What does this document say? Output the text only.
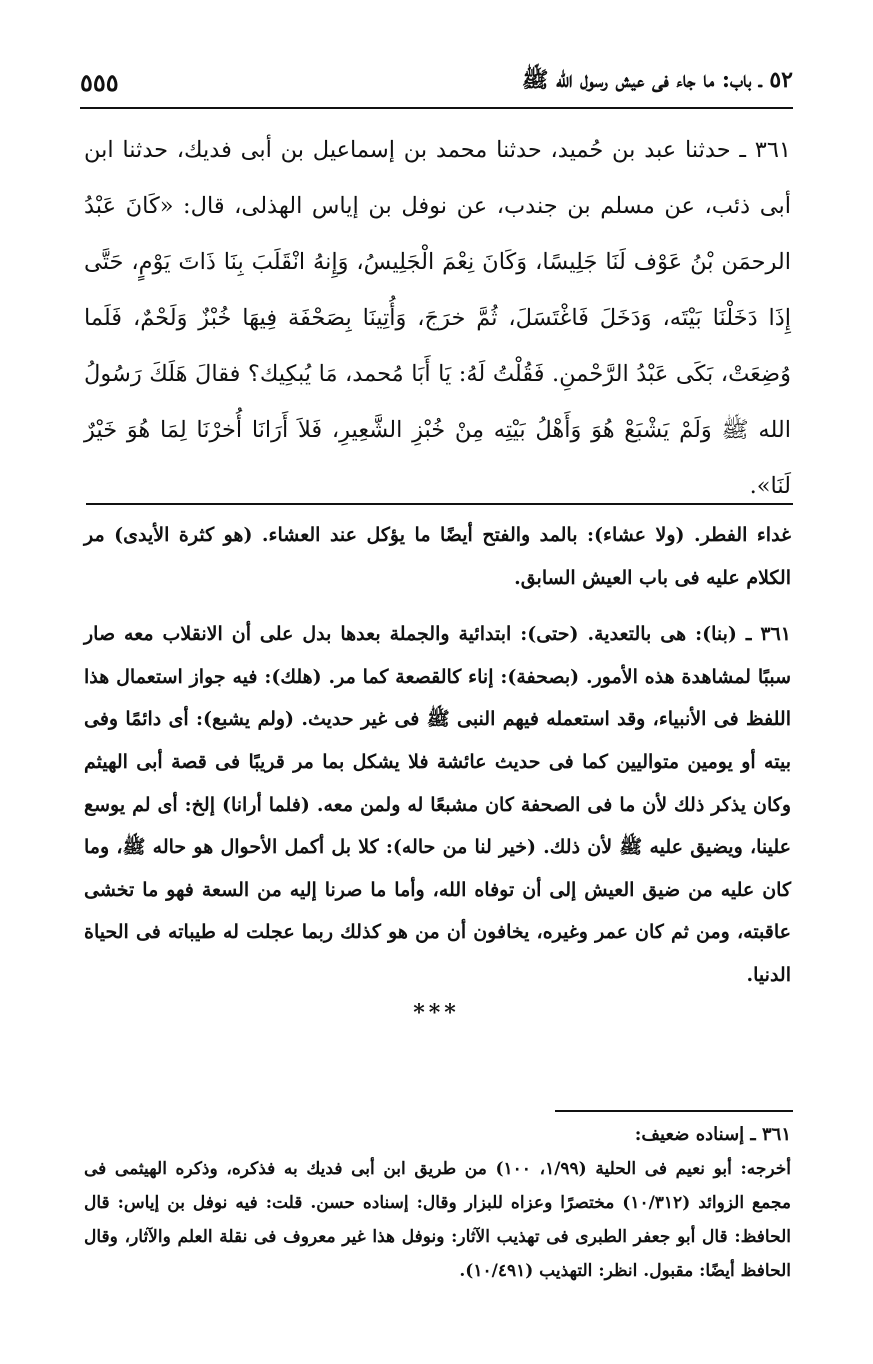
٥٢ ـ باب: ما جاء فى عيش رسول الله ﷺ
٥٥٥
٣٦١ ـ حدثنا عبد بن حُميد، حدثنا محمد بن إسماعيل بن أبى فديك، حدثنا ابن أبى ذئب، عن مسلم بن جندب، عن نوفل بن إياس الهذلى، قال: «كَانَ عَبْدُ الرحمَن بْنُ عَوْف لَنَا جَلِيسًا، وَكَانَ نِعْمَ الْجَلِيسُ، وَإِنهُ انْقَلَبَ بِنَا ذَاتَ يَوْمٍ، حَتَّى إِذَا دَخَلْنَا بَيْتَه، وَدَخَلَ فَاغْتَسَلَ، ثُمَّ خرَجَ، وَأُتِينَا بِصَحْفَة فِيهَا خُبْزٌ وَلَحْمٌ، فَلَما وُضِعَتْ، بَكَى عَبْدُ الرَّحْمنِ. فَقُلْتُ لَهُ: يَا أَبَا مُحمد، مَا يُبكِيك؟ فقالَ هَلَكَ رَسُولُ الله ﷺ وَلَمْ يَشْبَعْ هُوَ وَأَهْلُ بَيْتِه مِنْ خُبْزِ الشَّعِيرِ، فَلاَ أَرَانَا أُخرْنَا لِمَا هُوَ خَيْرٌ لَنَا».

غداء الفطر. (ولا عشاء): بالمد والفتح أيضًا ما يؤكل عند العشاء. (هو كثرة الأيدى) مر الكلام عليه فى باب العيش السابق.

٣٦١ ـ (بنا): هى بالتعدية. (حتى): ابتدائية والجملة بعدها بدل على أن الانقلاب معه صار سببًا لمشاهدة هذه الأمور. (بصحفة): إناء كالقصعة كما مر. (هلك): فيه جواز استعمال هذا اللفظ فى الأنبياء، وقد استعمله فيهم النبى ﷺ فى غير حديث. (ولم يشبع): أى دائمًا وفى بيته أو يومين متواليين كما فى حديث عائشة فلا يشكل بما مر قريبًا فى قصة أبى الهيثم وكان يذكر ذلك لأن ما فى الصحفة كان مشبعًا له ولمن معه. (فلما أرانا) إلخ: أى لم يوسع علينا، ويضيق عليه ﷺ لأن ذلك. (خير لنا من حاله): كلا بل أكمل الأحوال هو حاله ﷺ، وما كان عليه من ضيق العيش إلى أن توفاه الله، وأما ما صرنا إليه من السعة فهو ما تخشى عاقبته، ومن ثم كان عمر وغيره، يخافون أن من هو كذلك ربما عجلت له طيباته فى الحياة الدنيا.

***

٣٦١ ـ إسناده ضعيف:

أخرجه: أبو نعيم فى الحلية (١/٩٩، ١٠٠) من طريق ابن أبى فديك به فذكره، وذكره الهيثمى فى مجمع الزوائد (١٠/٣١٢) مختصرًا وعزاه للبزار وقال: إسناده حسن. قلت: فيه نوفل بن إياس: قال الحافظ: قال أبو جعفر الطبرى فى تهذيب الآثار: ونوفل هذا غير معروف فى نقلة العلم والآثار، وقال الحافظ أيضًا: مقبول. انظر: التهذيب (١٠/٤٩١).
